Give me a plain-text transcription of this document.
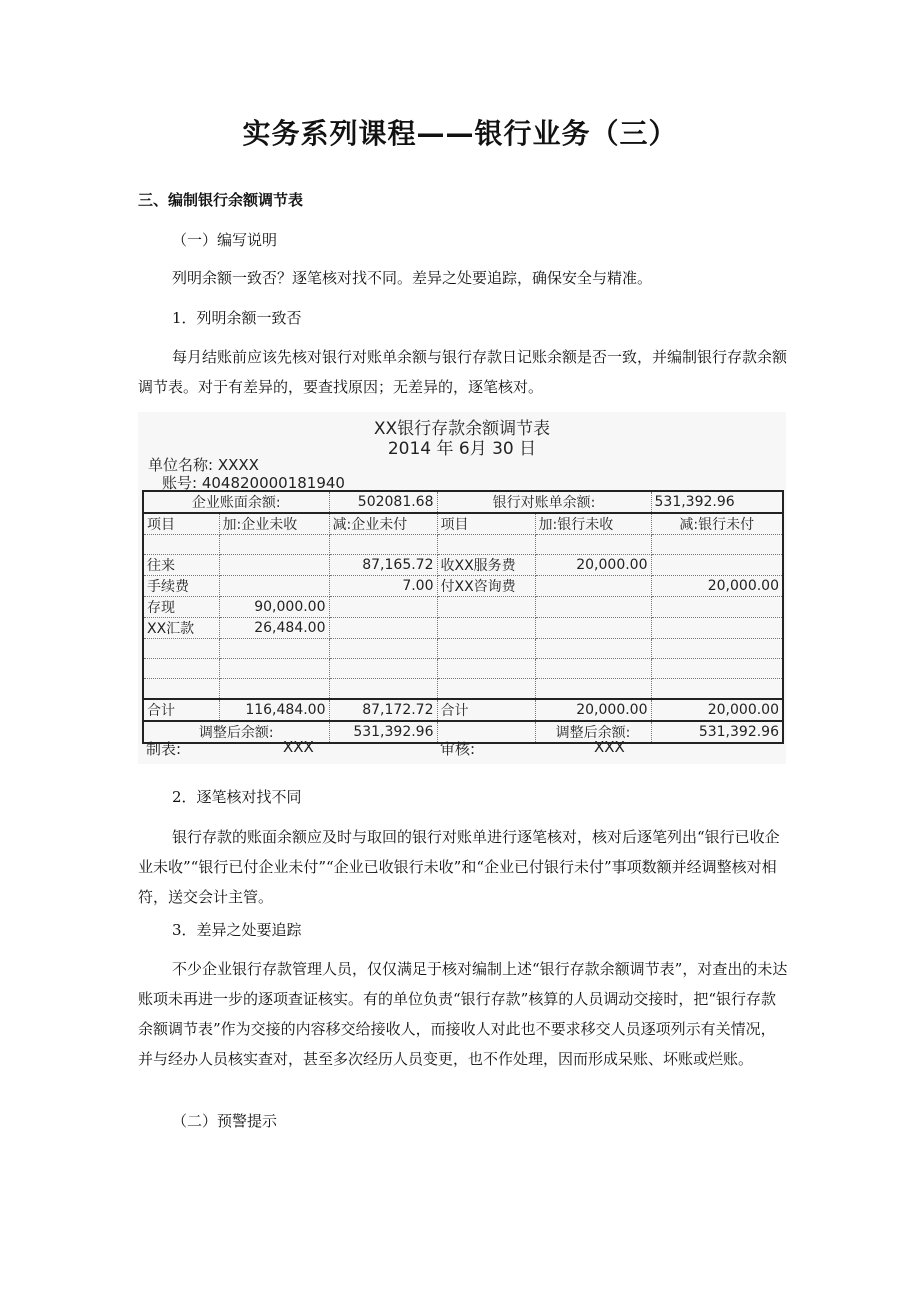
实务系列课程——银行业务（三）

三、编制银行余额调节表

（一）编写说明

列明余额一致否？逐笔核对找不同。差异之处要追踪，确保安全与精准。

1．列明余额一致否

每月结账前应该先核对银行对账单余额与银行存款日记账余额是否一致，并编制银行存款余额调节表。对于有差异的，要查找原因；无差异的，逐笔核对。

XX银行存款余额调节表
2014 年 6月 30 日
单位名称: XXXX
账号: 404820000181940
企业账面余额:		502081.68	银行对账单余额:		531,392.96
项目	加:企业未收	减:企业未付	项目	加:银行未收	减:银行未付

往来		87,165.72	收XX服务费	20,000.00	
手续费		7.00	付XX咨询费		20,000.00
存现	90,000.00				
XX汇款	26,484.00				

合计	116,484.00	87,172.72	合计	20,000.00	20,000.00
调整后余额:		531,392.96		调整后余额:	531,392.96
制表:	XXX	审核:	XXX

2．逐笔核对找不同

银行存款的账面余额应及时与取回的银行对账单进行逐笔核对，核对后逐笔列出“银行已收企业未收”“银行已付企业未付”“企业已收银行未收”和“企业已付银行未付”事项数额并经调整核对相符，送交会计主管。

3．差异之处要追踪

不少企业银行存款管理人员，仅仅满足于核对编制上述“银行存款余额调节表”，对查出的未达账项未再进一步的逐项查证核实。有的单位负责“银行存款”核算的人员调动交接时，把“银行存款余额调节表”作为交接的内容移交给接收人，而接收人对此也不要求移交人员逐项列示有关情况，并与经办人员核实查对，甚至多次经历人员变更，也不作处理，因而形成呆账、坏账或烂账。

（二）预警提示
